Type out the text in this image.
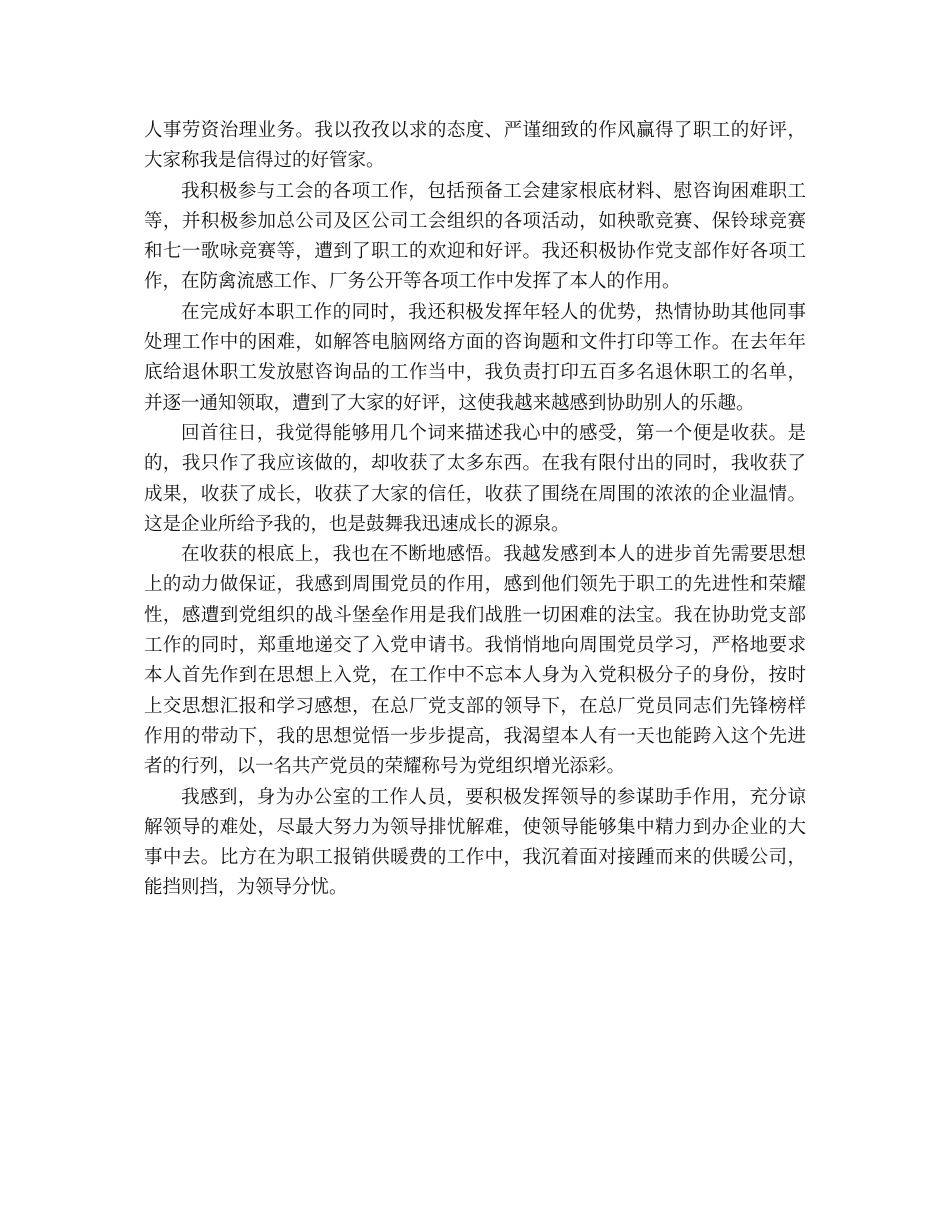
人事劳资治理业务。我以孜孜以求的态度、严谨细致的作风赢得了职工的好评，大家称我是信得过的好管家。

我积极参与工会的各项工作，包括预备工会建家根底材料、慰咨询困难职工等，并积极参加总公司及区公司工会组织的各项活动，如秧歌竞赛、保铃球竞赛和七一歌咏竞赛等，遭到了职工的欢迎和好评。我还积极协作党支部作好各项工作，在防禽流感工作、厂务公开等各项工作中发挥了本人的作用。

在完成好本职工作的同时，我还积极发挥年轻人的优势，热情协助其他同事处理工作中的困难，如解答电脑网络方面的咨询题和文件打印等工作。在去年年底给退休职工发放慰咨询品的工作当中，我负责打印五百多名退休职工的名单，并逐一通知领取，遭到了大家的好评，这使我越来越感到协助别人的乐趣。

回首往日，我觉得能够用几个词来描述我心中的感受，第一个便是收获。是的，我只作了我应该做的，却收获了太多东西。在我有限付出的同时，我收获了成果，收获了成长，收获了大家的信任，收获了围绕在周围的浓浓的企业温情。这是企业所给予我的，也是鼓舞我迅速成长的源泉。

在收获的根底上，我也在不断地感悟。我越发感到本人的进步首先需要思想上的动力做保证，我感到周围党员的作用，感到他们领先于职工的先进性和荣耀性，感遭到党组织的战斗堡垒作用是我们战胜一切困难的法宝。我在协助党支部工作的同时，郑重地递交了入党申请书。我悄悄地向周围党员学习，严格地要求本人首先作到在思想上入党，在工作中不忘本人身为入党积极分子的身份，按时上交思想汇报和学习感想，在总厂党支部的领导下，在总厂党员同志们先锋榜样作用的带动下，我的思想觉悟一步步提高，我渴望本人有一天也能跨入这个先进者的行列，以一名共产党员的荣耀称号为党组织增光添彩。

我感到，身为办公室的工作人员，要积极发挥领导的参谋助手作用，充分谅解领导的难处，尽最大努力为领导排忧解难，使领导能够集中精力到办企业的大事中去。比方在为职工报销供暖费的工作中，我沉着面对接踵而来的供暖公司，能挡则挡，为领导分忧。
